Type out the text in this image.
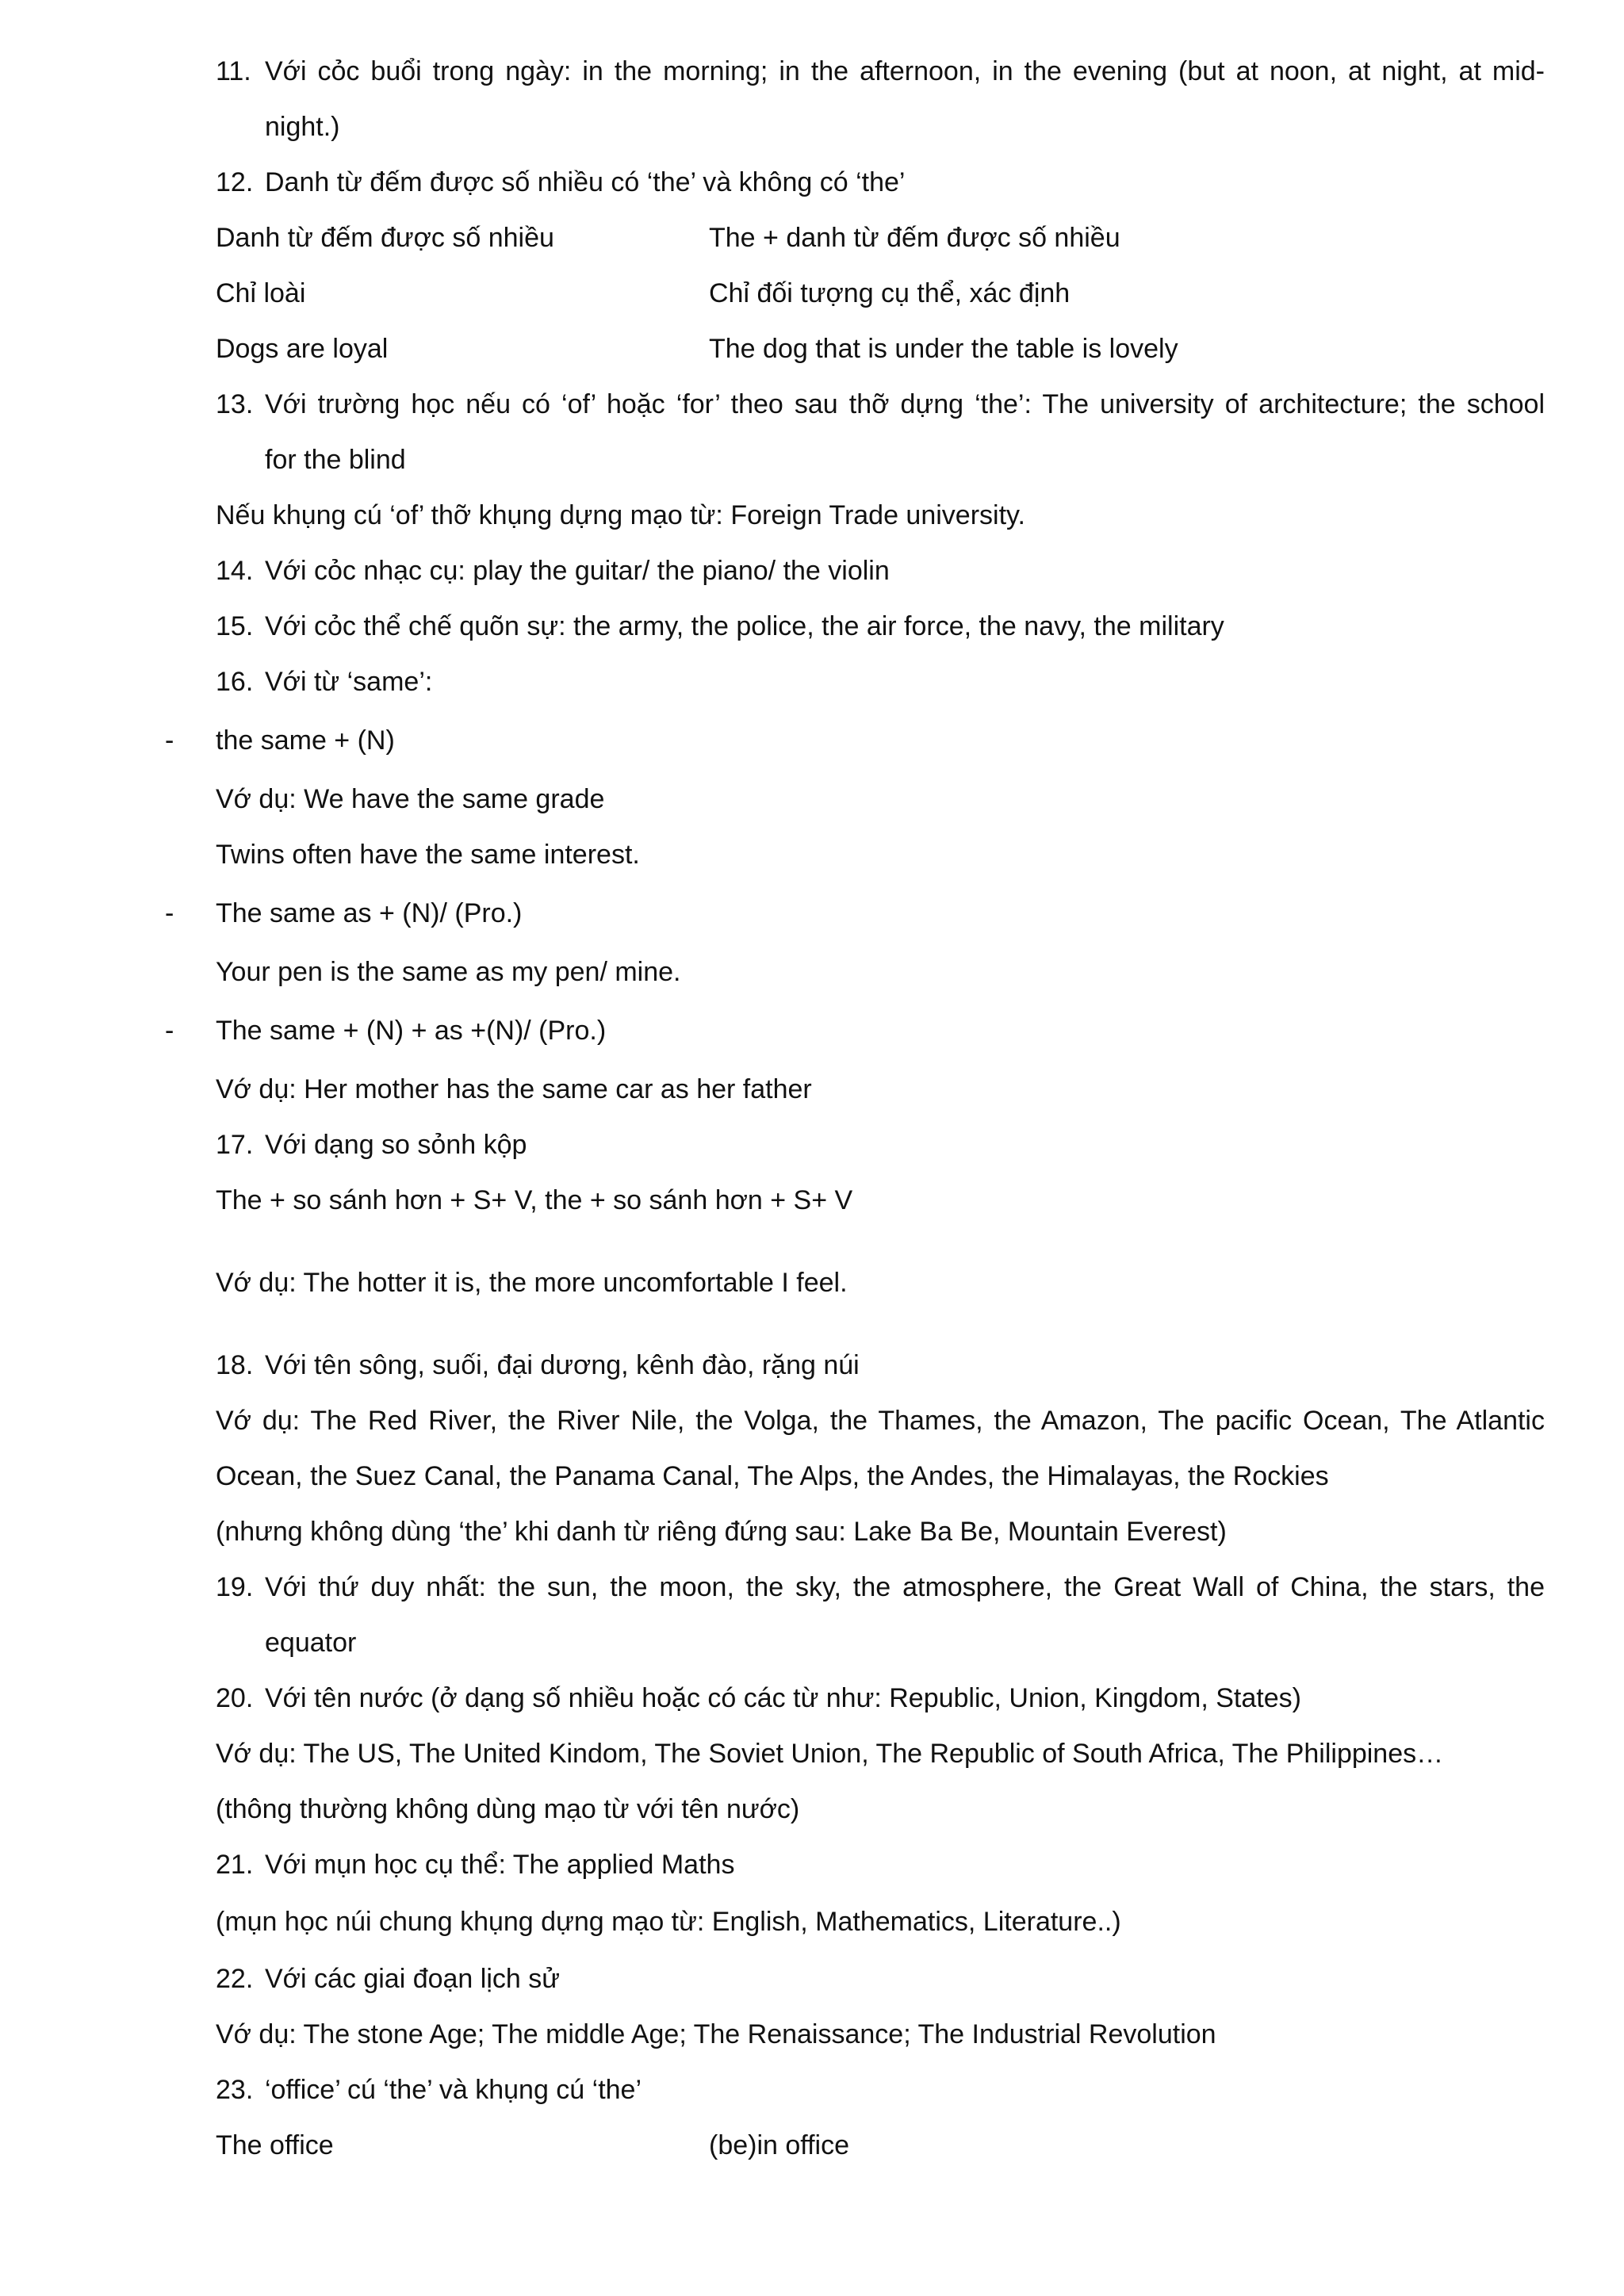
11. Với cỏc buổi trong ngày: in the morning; in the afternoon, in the evening (but at noon, at night, at mid-
night.)
12. Danh từ đếm được số nhiều có ‘the’ và không có ‘the’
Danh từ đếm được số nhiều	The + danh từ đếm được số nhiều
Chỉ loài	Chỉ đối tượng cụ thể, xác định
Dogs are loyal	The dog that is under the table is lovely
13. Với trường học nếu có ‘of’ hoặc ‘for’ theo sau thỡ dựng ‘the’: The university of architecture; the school
for the blind
Nếu khụng cú ‘of’ thỡ khụng dựng mạo từ: Foreign Trade university.
14. Với cỏc nhạc cụ: play the guitar/ the piano/ the violin
15. Với cỏc thể chế quõn sự: the army, the police, the air force, the navy, the military
16. Với từ ‘same’:
- the same + (N)
Vớ dụ: We have the same grade
Twins often have the same interest.
- The same as + (N)/ (Pro.)
Your pen is the same as my pen/ mine.
- The same + (N) + as +(N)/ (Pro.)
Vớ dụ: Her mother has the same car as her father
17. Với dạng so sỏnh kộp
The + so sánh hơn + S+ V, the + so sánh hơn + S+ V
Vớ dụ: The hotter it is, the more uncomfortable I feel.
18. Với tên sông, suối, đại dương, kênh đào, rặng núi
Vớ dụ: The Red River, the River Nile, the Volga, the Thames, the Amazon, The pacific Ocean, The Atlantic
Ocean, the Suez Canal, the Panama Canal, The Alps, the Andes, the Himalayas, the Rockies
(nhưng không dùng ‘the’ khi danh từ riêng đứng sau: Lake Ba Be, Mountain Everest)
19. Với thứ duy nhất: the sun, the moon, the sky, the atmosphere, the Great Wall of China, the stars, the
equator
20. Với tên nước (ở dạng số nhiều hoặc có các từ như: Republic, Union, Kingdom, States)
Vớ dụ: The US, The United Kindom, The Soviet Union, The Republic of South Africa, The Philippines…
(thông thường không dùng mạo từ với tên nước)
21. Với mụn học cụ thể: The applied Maths
(mụn học núi chung khụng dựng mạo từ: English, Mathematics, Literature..)
22. Với các giai đoạn lịch sử
Vớ dụ: The stone Age; The middle Age; The Renaissance; The Industrial Revolution
23. ‘office’ cú ‘the’ và khụng cú ‘the’
The office	(be)in office
